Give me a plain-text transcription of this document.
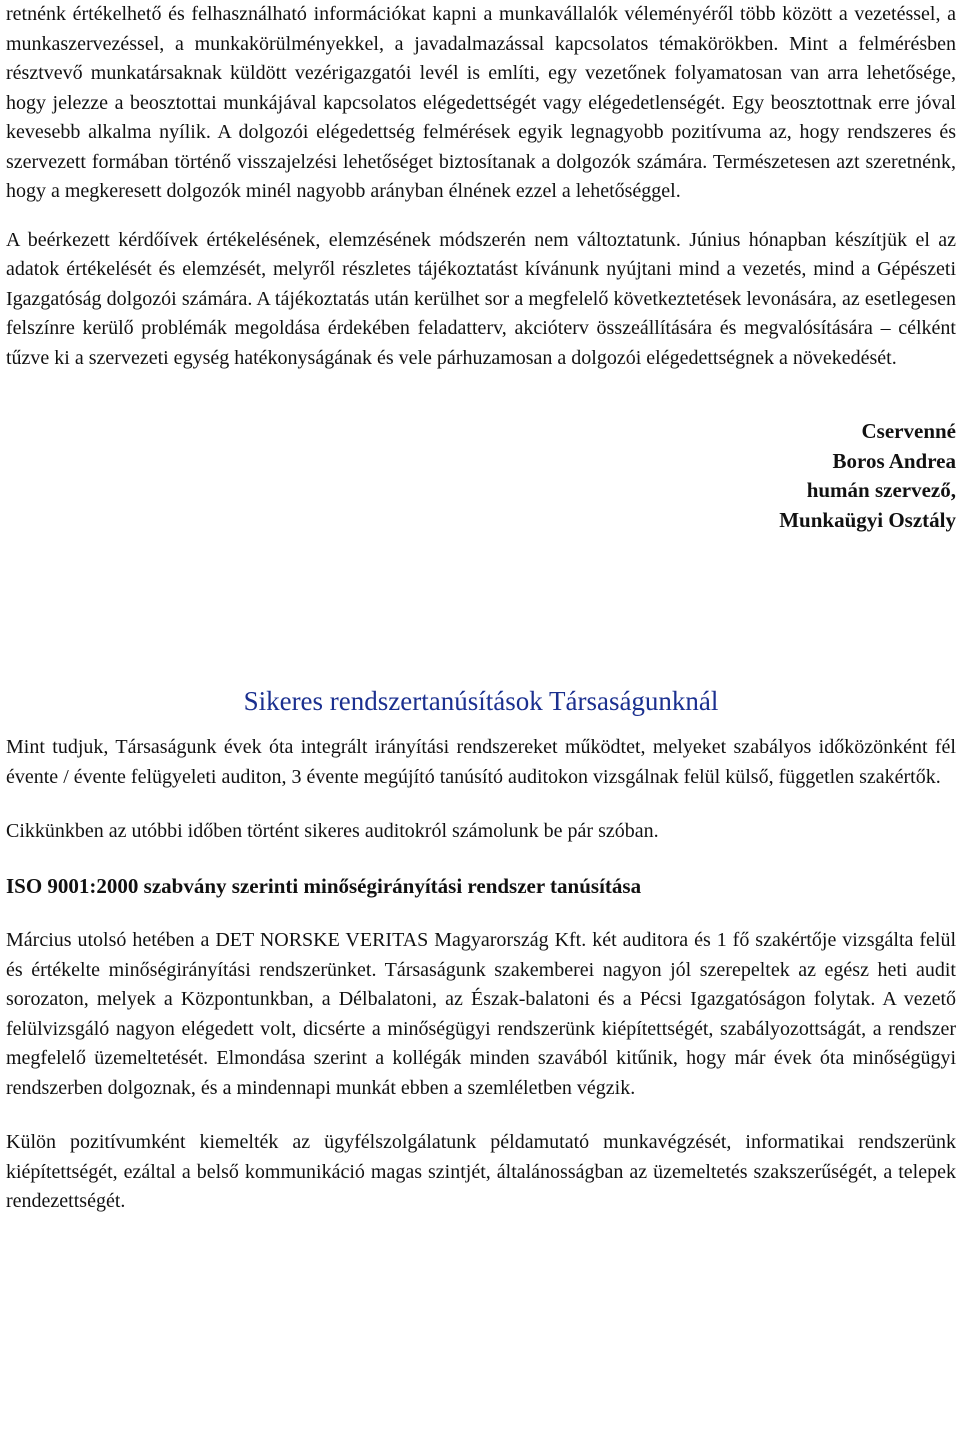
retnénk értékelhető és felhasználható információkat kapni a munkavállalók véleményéről több között a vezetéssel, a munkaszervezéssel, a munkakörülményekkel, a javadalmazással kapcsolatos témakörökben. Mint a felmérésben résztvevő munkatársaknak küldött vezérigazgatói levél is említi, egy vezetőnek folyamatosan van arra lehetősége, hogy jelezze a beosztottai munkájával kapcsolatos elégedettségét vagy elégedetlenségét. Egy beosztottnak erre jóval kevesebb alkalma nyílik. A dolgozói elégedettség felmérések egyik legnagyobb pozitívuma az, hogy rendszeres és szervezett formában történő visszajelzési lehetőséget biztosítanak a dolgozók számára. Természetesen azt szeretnénk, hogy a megkeresett dolgozók minél nagyobb arányban élnének ezzel a lehetőséggel.

A beérkezett kérdőívek értékelésének, elemzésének módszerén nem változtatunk. Június hónapban készítjük el az adatok értékelését és elemzését, melyről részletes tájékoztatást kívánunk nyújtani mind a vezetés, mind a Gépészeti Igazgatóság dolgozói számára. A tájékoztatás után kerülhet sor a megfelelő következtetések levonására, az esetlegesen felszínre kerülő problémák megoldása érdekében feladatterv, akcióterv összeállítására és megvalósítására – célként tűzve ki a szervezeti egység hatékonyságának és vele párhuzamosan a dolgozói elégedettségnek a növekedését.

Cservenné

Boros Andrea

humán szervező,

Munkaügyi Osztály

Sikeres rendszertanúsítások Társaságunknál

Mint tudjuk, Társaságunk évek óta integrált irányítási rendszereket működtet, melyeket szabályos időközönként fél évente / évente felügyeleti auditon, 3 évente megújító tanúsító auditokon vizsgálnak felül külső, független szakértők.

Cikkünkben az utóbbi időben történt sikeres auditokról számolunk be pár szóban.

ISO 9001:2000 szabvány szerinti minőségirányítási rendszer tanúsítása

Március utolsó hetében a DET NORSKE VERITAS Magyarország Kft. két auditora és 1 fő szakértője vizsgálta felül és értékelte minőségirányítási rendszerünket. Társaságunk szakemberei nagyon jól szerepeltek az egész heti audit sorozaton, melyek a Központunkban, a Délbalatoni, az Észak-balatoni és a Pécsi Igazgatóságon folytak. A vezető felülvizsgáló nagyon elégedett volt, dicsérte a minőségügyi rendszerünk kiépítettségét, szabályozottságát, a rendszer megfelelő üzemeltetését. Elmondása szerint a kollégák minden szavából kitűnik, hogy már évek óta minőségügyi rendszerben dolgoznak, és a mindennapi munkát ebben a szemléletben végzik.

Külön pozitívumként kiemelték az ügyfélszolgálatunk példamutató munkavégzését, informatikai rendszerünk kiépítettségét, ezáltal a belső kommunikáció magas szintjét, általánosságban az üzemeltetés szakszerűségét, a telepek rendezettségét.
